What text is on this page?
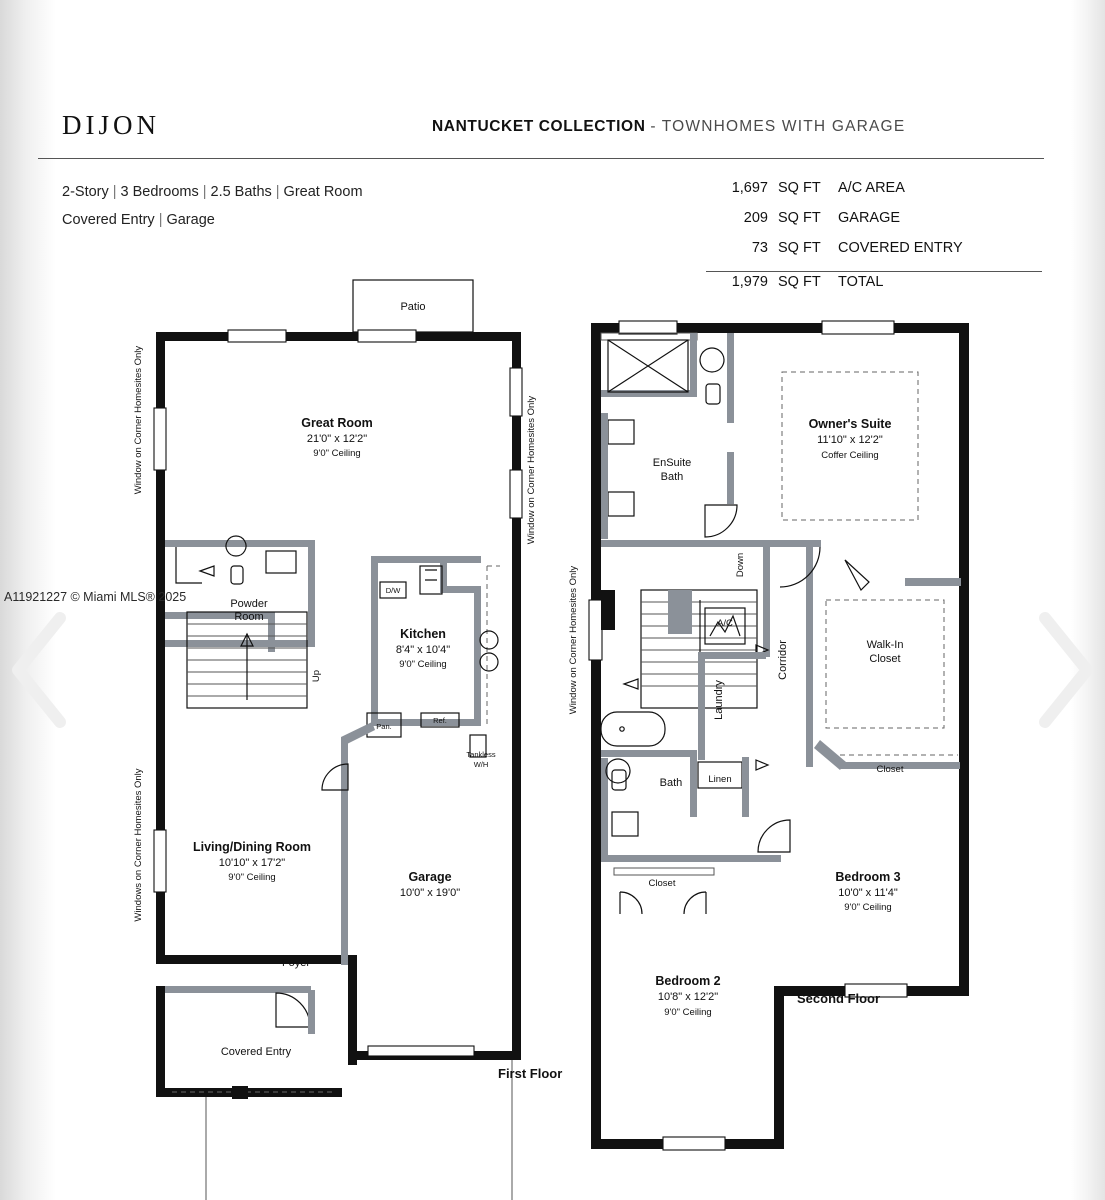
DIJON	NANTUCKET COLLECTION - TOWNHOMES WITH GARAGE
2-Story | 3 Bedrooms | 2.5 Baths | Great Room
Covered Entry | Garage
1,697 SQ FT	A/C AREA
209 SQ FT	GARAGE
73 SQ FT	COVERED ENTRY
1,979 SQ FT	TOTAL
Patio
Great Room
21'0" x 12'2"
9'0" Ceiling
Powder
Room
Up
D/W
Kitchen
8'4" x 10'4"
9'0" Ceiling
Pan.
Ref.
Tankless
W/H
Living/Dining Room
10'10" x 17'2"
9'0" Ceiling	Garage
10'0" x 19'0"
Foyer
Covered Entry
First Floor
Window on Corner Homesites Only
Windows on Corner Homesites Only
Window on Corner Homesites Only	EnSuite
Bath
Owner's Suite
11'10" x 12'2"
Coffer Ceiling
Down
A/C
Laundry
Corridor	Walk-In
Closet
Closet
Bath	Linen
Closet	Bedroom 3
10'0" x 11'4"
9'0" Ceiling
Bedroom 2
10'8" x 12'2"
9'0" Ceiling
Second Floor
Window on Corner Homesites Only
A11921227 © Miami MLS® 2025
